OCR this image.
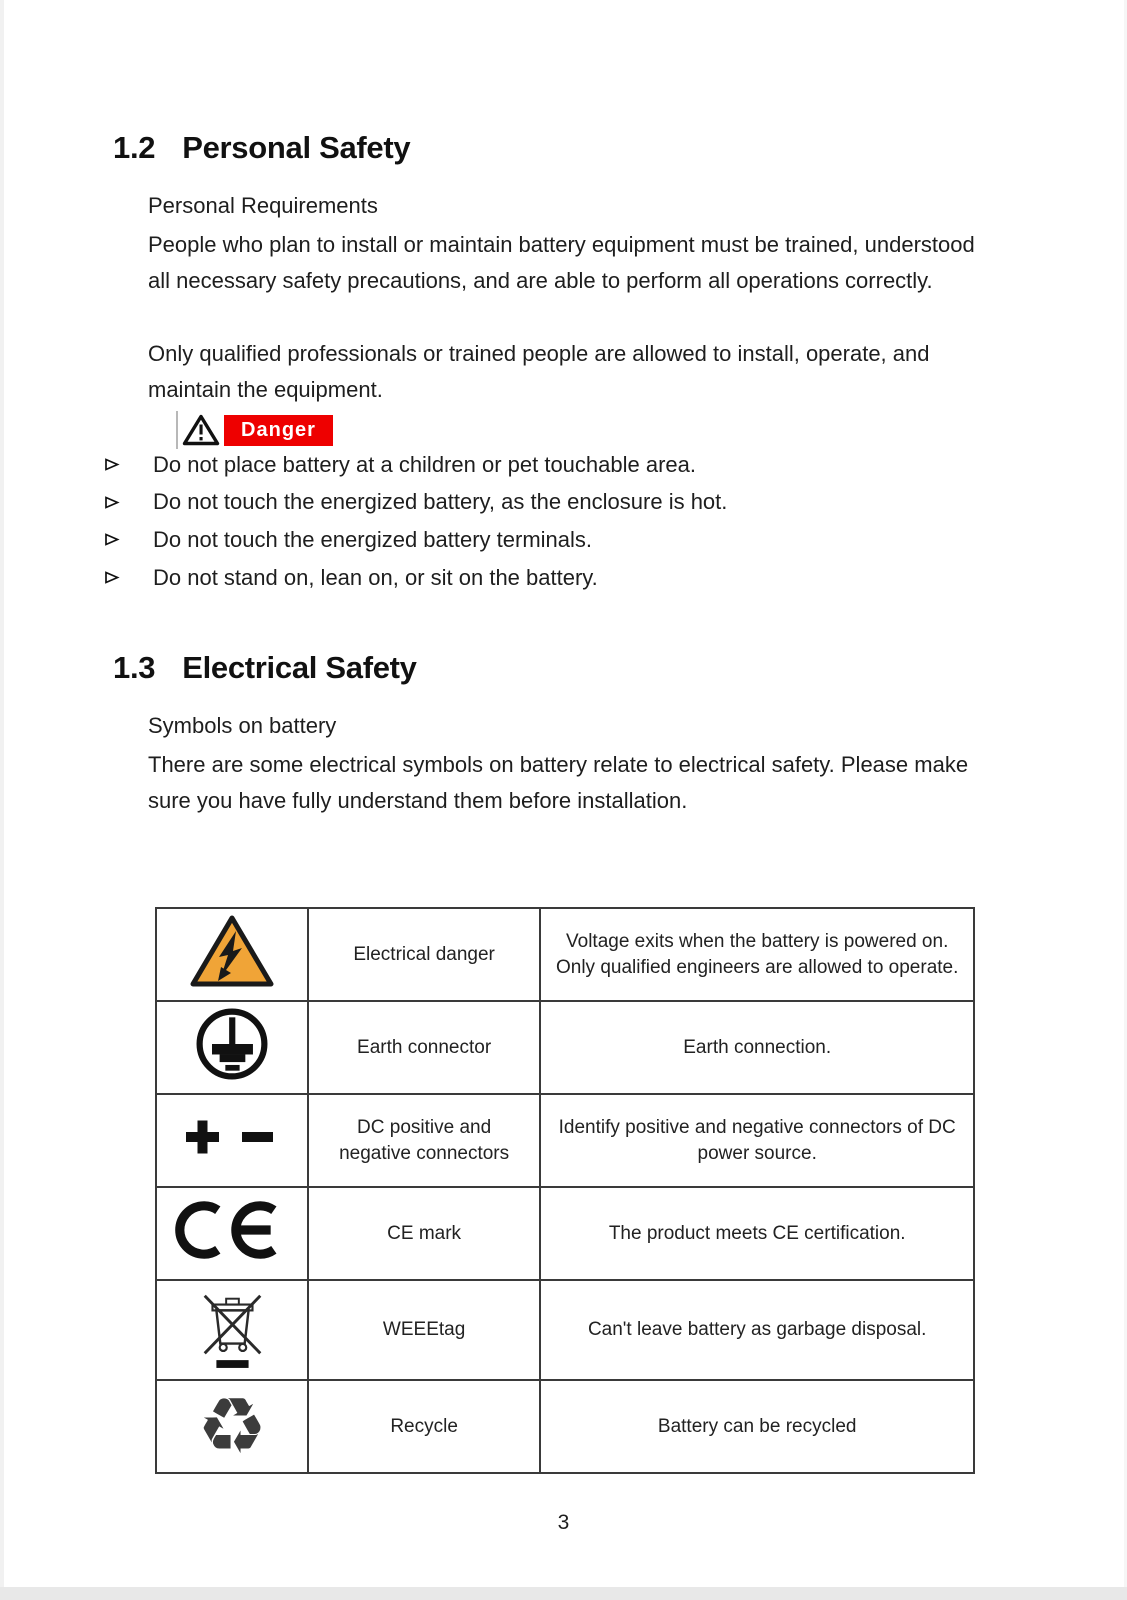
1.2 Personal Safety
Personal Requirements
People who plan to install or maintain battery equipment must be trained, understood
all necessary safety precautions, and are able to perform all operations correctly.
Only qualified professionals or trained people are allowed to install, operate, and
maintain the equipment.
Danger
Do not place battery at a children or pet touchable area.
Do not touch the energized battery, as the enclosure is hot.
Do not touch the energized battery terminals.
Do not stand on, lean on, or sit on the battery.
1.3 Electrical Safety
Symbols on battery
There are some electrical symbols on battery relate to electrical safety. Please make
sure you have fully understand them before installation.
	Electrical danger	Voltage exits when the battery is powered on. Only qualified engineers are allowed to operate.
	Earth connector	Earth connection.
	DC positive and negative connectors	Identify positive and negative connectors of DC power source.
	CE mark	The product meets CE certification.
	WEEEtag	Can't leave battery as garbage disposal.
♻	Recycle	Battery can be recycled
3
